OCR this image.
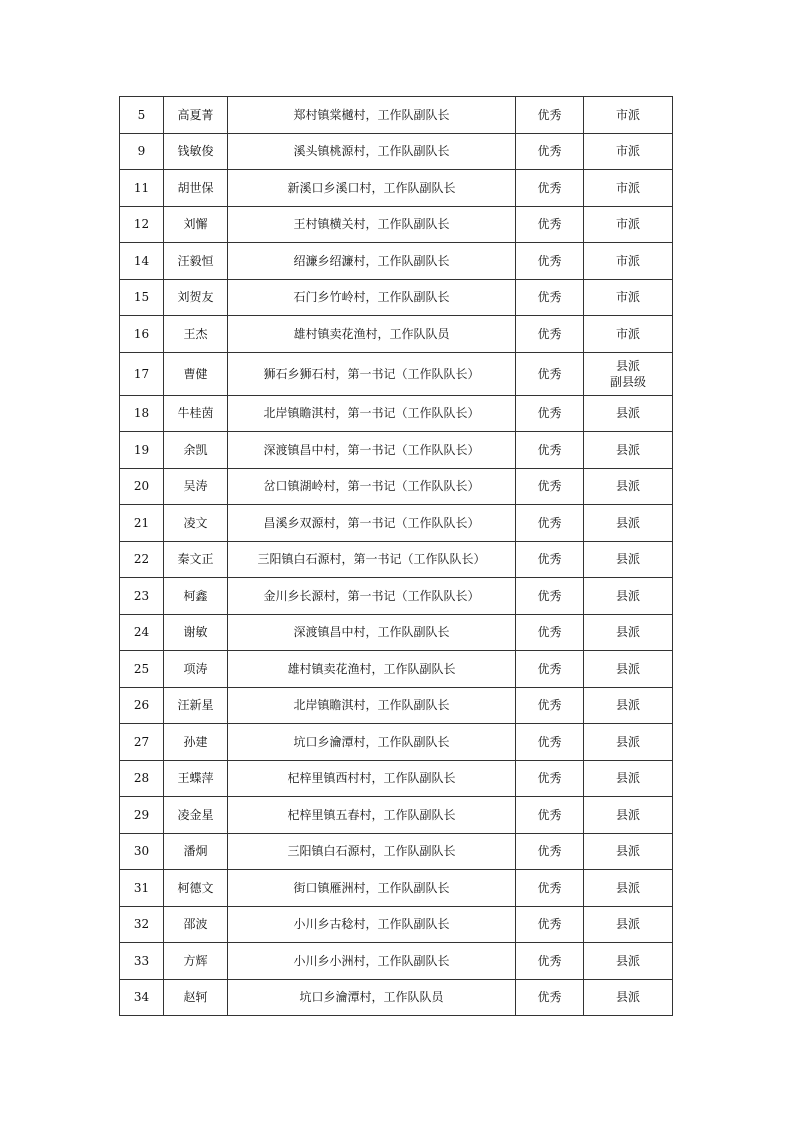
5	高夏菁	郑村镇棠樾村，工作队副队长	优秀	市派

9	钱敏俊	溪头镇桃源村，工作队副队长	优秀	市派

11	胡世保	新溪口乡溪口村，工作队副队长	优秀	市派

12	刘懈	王村镇横关村，工作队副队长	优秀	市派

14	汪毅恒	绍濂乡绍濂村，工作队副队长	优秀	市派

15	刘贺友	石门乡竹岭村，工作队副队长	优秀	市派

16	王杰	雄村镇卖花渔村，工作队队员	优秀	市派

17	曹健	狮石乡狮石村，第一书记（工作队队长）	优秀	县派
副县级

18	牛桂茵	北岸镇瞻淇村，第一书记（工作队队长）	优秀	县派

19	余凯	深渡镇昌中村，第一书记（工作队队长）	优秀	县派

20	吴涛	岔口镇湖岭村，第一书记（工作队队长）	优秀	县派

21	凌文	昌溪乡双源村，第一书记（工作队队长）	优秀	县派

22	秦文正	三阳镇白石源村，第一书记（工作队队长）	优秀	县派

23	柯鑫	金川乡长源村，第一书记（工作队队长）	优秀	县派

24	谢敏	深渡镇昌中村，工作队副队长	优秀	县派

25	项涛	雄村镇卖花渔村，工作队副队长	优秀	县派

26	汪新星	北岸镇瞻淇村，工作队副队长	优秀	县派

27	孙建	坑口乡瀹潭村，工作队副队长	优秀	县派

28	王蝶萍	杞梓里镇西村村，工作队副队长	优秀	县派

29	凌金星	杞梓里镇五春村，工作队副队长	优秀	县派

30	潘炯	三阳镇白石源村，工作队副队长	优秀	县派

31	柯德文	街口镇雁洲村，工作队副队长	优秀	县派

32	邵波	小川乡古稔村，工作队副队长	优秀	县派

33	方辉	小川乡小洲村，工作队副队长	优秀	县派

34	赵轲	坑口乡瀹潭村，工作队队员	优秀	县派
